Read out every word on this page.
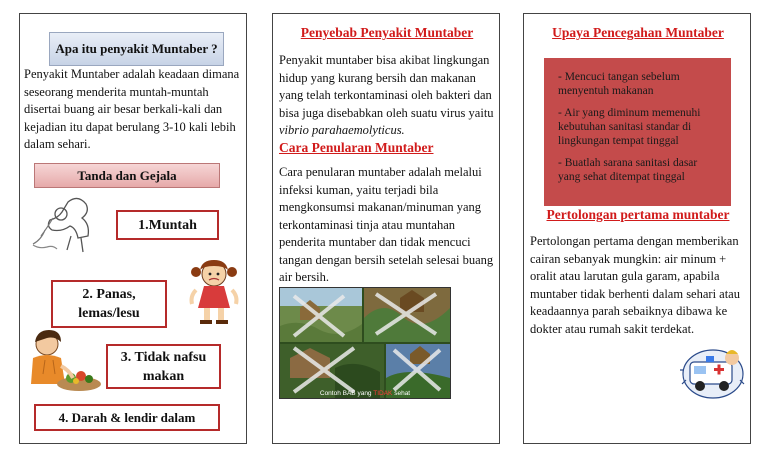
Apa itu penyakit Muntaber ?
Penyakit Muntaber adalah keadaan dimana seseorang menderita muntah-muntah disertai buang air besar berkali-kali dan kejadian itu dapat berulang 3-10 kali lebih dalam sehari.
Tanda dan Gejala
1.Muntah
2. Panas, lemas/lesu
3. Tidak nafsu makan
4. Darah & lendir dalam
Penyebab Penyakit Muntaber
Penyakit muntaber bisa akibat lingkungan hidup yang kurang bersih dan makanan yang telah terkontaminasi oleh bakteri dan bisa juga disebabkan oleh suatu virus yaitu vibrio parahaemolyticus.
Cara Penularan Muntaber
Cara penularan muntaber adalah melalui infeksi kuman, yaitu terjadi bila mengkonsumsi makanan/minuman yang terkontaminasi tinja atau muntahan penderita muntaber dan tidak mencuci tangan dengan bersih setelah selesai buang air bersih.
Contoh BAB yang TIDAK sehat
Upaya Pencegahan Muntaber
- Mencuci tangan sebelum menyentuh makanan
- Air yang diminum memenuhi kebutuhan sanitasi standar di lingkungan tempat tinggal
- Buatlah sarana sanitasi dasar yang sehat ditempat tinggal
Pertolongan pertama muntaber
Pertolongan pertama dengan memberikan cairan sebanyak mungkin: air minum + oralit atau larutan gula garam, apabila muntaber tidak berhenti dalam sehari atau keadaannya parah sebaiknya dibawa ke dokter atau rumah sakit terdekat.
